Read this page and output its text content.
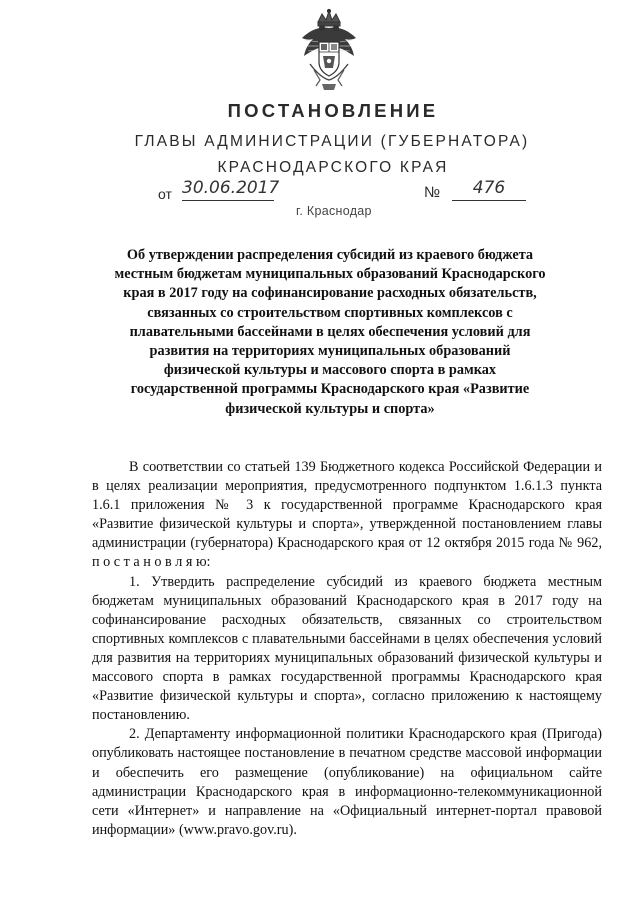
ПОСТАНОВЛЕНИЕ
ГЛАВЫ АДМИНИСТРАЦИИ (ГУБЕРНАТОРА)
КРАСНОДАРСКОГО КРАЯ
от 30.06.2017	№	476
г. Краснодар
Об утверждении распределения субсидий из краевого бюджета
местным бюджетам муниципальных образований Краснодарского
края в 2017 году на софинансирование расходных обязательств,
связанных со строительством спортивных комплексов с
плавательными бассейнами в целях обеспечения условий для
развития на территориях муниципальных образований
физической культуры и массового спорта в рамках
государственной программы Краснодарского края «Развитие
физической культуры и спорта»

В соответствии со статьей 139 Бюджетного кодекса Российской Федерации и в целях реализации мероприятия, предусмотренного подпунктом 1.6.1.3 пункта 1.6.1 приложения № 3 к государственной программе Краснодарского края «Развитие физической культуры и спорта», утвержденной постановлением главы администрации (губернатора) Краснодарского края от 12 октября 2015 года № 962, п о с т а н о в л я ю:

1. Утвердить распределение субсидий из краевого бюджета местным бюджетам муниципальных образований Краснодарского края в 2017 году на софинансирование расходных обязательств, связанных со строительством спортивных комплексов с плавательными бассейнами в целях обеспечения условий для развития на территориях муниципальных образований физической культуры и массового спорта в рамках государственной программы Краснодарского края «Развитие физической культуры и спорта», согласно приложению к настоящему постановлению.

2. Департаменту информационной политики Краснодарского края (Пригода) опубликовать настоящее постановление в печатном средстве массовой информации и обеспечить его размещение (опубликование) на официальном сайте администрации Краснодарского края в информационно-телекоммуникационной сети «Интернет» и направление на «Официальный интернет-портал правовой информации» (www.pravo.gov.ru).
